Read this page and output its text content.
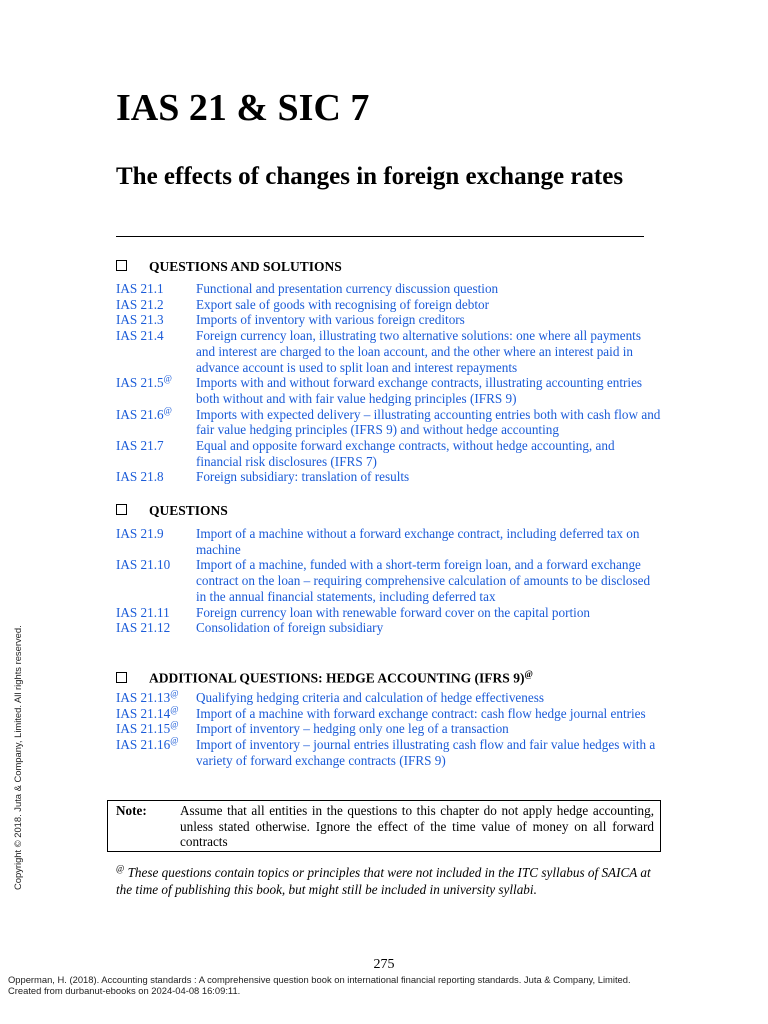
IAS 21 & SIC 7
The effects of changes in foreign exchange rates
QUESTIONS AND SOLUTIONS
IAS 21.1	Functional and presentation currency discussion question
IAS 21.2	Export sale of goods with recognising of foreign debtor
IAS 21.3	Imports of inventory with various foreign creditors
IAS 21.4	Foreign currency loan, illustrating two alternative solutions: one where all payments and interest are charged to the loan account, and the other where an interest paid in advance account is used to split loan and interest repayments
IAS 21.5@	Imports with and without forward exchange contracts, illustrating accounting entries both without and with fair value hedging principles (IFRS 9)
IAS 21.6@	Imports with expected delivery – illustrating accounting entries both with cash flow and fair value hedging principles (IFRS 9) and without hedge accounting
IAS 21.7	Equal and opposite forward exchange contracts, without hedge accounting, and financial risk disclosures (IFRS 7)
IAS 21.8	Foreign subsidiary: translation of results
QUESTIONS
IAS 21.9	Import of a machine without a forward exchange contract, including deferred tax on machine
IAS 21.10	Import of a machine, funded with a short-term foreign loan, and a forward exchange contract on the loan – requiring comprehensive calculation of amounts to be disclosed in the annual financial statements, including deferred tax
IAS 21.11	Foreign currency loan with renewable forward cover on the capital portion
IAS 21.12	Consolidation of foreign subsidiary
ADDITIONAL QUESTIONS: HEDGE ACCOUNTING (IFRS 9)@
IAS 21.13@	Qualifying hedging criteria and calculation of hedge effectiveness
IAS 21.14@	Import of a machine with forward exchange contract: cash flow hedge journal entries
IAS 21.15@	Import of inventory – hedging only one leg of a transaction
IAS 21.16@	Import of inventory – journal entries illustrating cash flow and fair value hedges with a variety of forward exchange contracts (IFRS 9)
Note:	Assume that all entities in the questions to this chapter do not apply hedge accounting, unless stated otherwise. Ignore the effect of the time value of money on all forward contracts
@ These questions contain topics or principles that were not included in the ITC syllabus of SAICA at the time of publishing this book, but might still be included in university syllabi.
275
Opperman, H. (2018). Accounting standards : A comprehensive question book on international financial reporting standards. Juta & Company, Limited.
Created from durbanut-ebooks on 2024-04-08 16:09:11.
Copyright © 2018. Juta & Company, Limited. All rights reserved.
